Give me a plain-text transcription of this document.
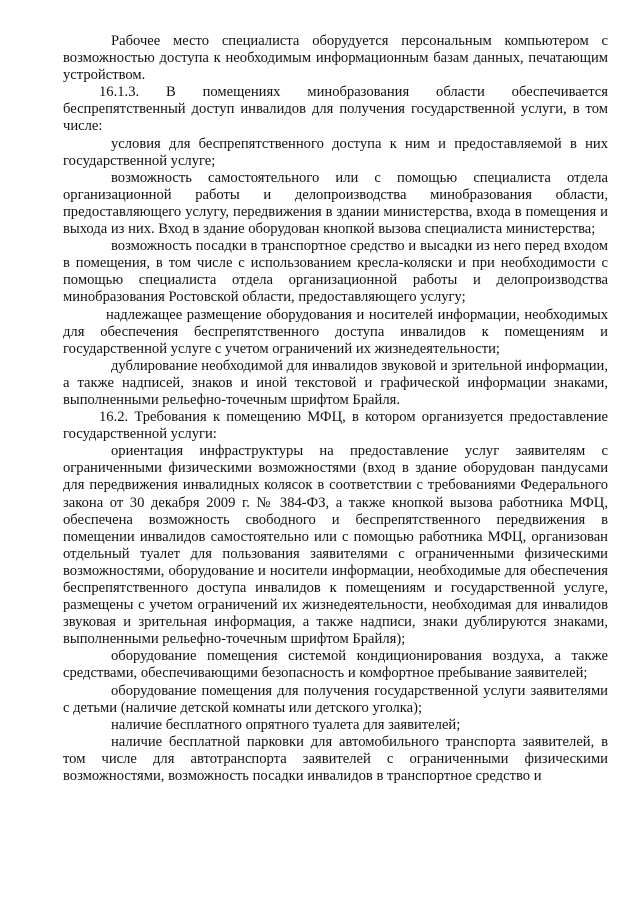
Рабочее место специалиста оборудуется персональным компьютером с возможностью доступа к необходимым информационным базам данных, печатающим устройством.

16.1.3. В помещениях минобразования области обеспечивается беспрепятственный доступ инвалидов для получения государственной услуги, в том числе:

условия для беспрепятственного доступа к ним и предоставляемой в них государственной услуге;

возможность самостоятельного или с помощью специалиста отдела организационной работы и делопроизводства минобразования области, предоставляющего услугу, передвижения в здании министерства, входа в помещения и выхода из них. Вход в здание оборудован кнопкой вызова специалиста министерства;

возможность посадки в транспортное средство и высадки из него перед входом в помещения, в том числе с использованием кресла-коляски и при необходимости с помощью специалиста отдела организационной работы и делопроизводства минобразования Ростовской области, предоставляющего услугу;

надлежащее размещение оборудования и носителей информации, необходимых для обеспечения беспрепятственного доступа инвалидов к помещениям и государственной услуге с учетом ограничений их жизнедеятельности;

дублирование необходимой для инвалидов звуковой и зрительной информации, а также надписей, знаков и иной текстовой и графической информации знаками, выполненными рельефно-точечным шрифтом Брайля.

16.2. Требования к помещению МФЦ, в котором организуется предоставление государственной услуги:

ориентация инфраструктуры на предоставление услуг заявителям с ограниченными физическими возможностями (вход в здание оборудован пандусами для передвижения инвалидных колясок в соответствии с требованиями Федерального закона от 30 декабря 2009 г. № 384-ФЗ, а также кнопкой вызова работника МФЦ, обеспечена возможность свободного и беспрепятственного передвижения в помещении инвалидов самостоятельно или с помощью работника МФЦ, организован отдельный туалет для пользования заявителями с ограниченными физическими возможностями, оборудование и носители информации, необходимые для обеспечения беспрепятственного доступа инвалидов к помещениям и государственной услуге, размещены с учетом ограничений их жизнедеятельности, необходимая для инвалидов звуковая и зрительная информация, а также надписи, знаки дублируются знаками, выполненными рельефно-точечным шрифтом Брайля);

оборудование помещения системой кондиционирования воздуха, а также средствами, обеспечивающими безопасность и комфортное пребывание заявителей;

оборудование помещения для получения государственной услуги заявителями с детьми (наличие детской комнаты или детского уголка);

наличие бесплатного опрятного туалета для заявителей;

наличие бесплатной парковки для автомобильного транспорта заявителей, в том числе для автотранспорта заявителей с ограниченными физическими возможностями, возможность посадки инвалидов в транспортное средство и
